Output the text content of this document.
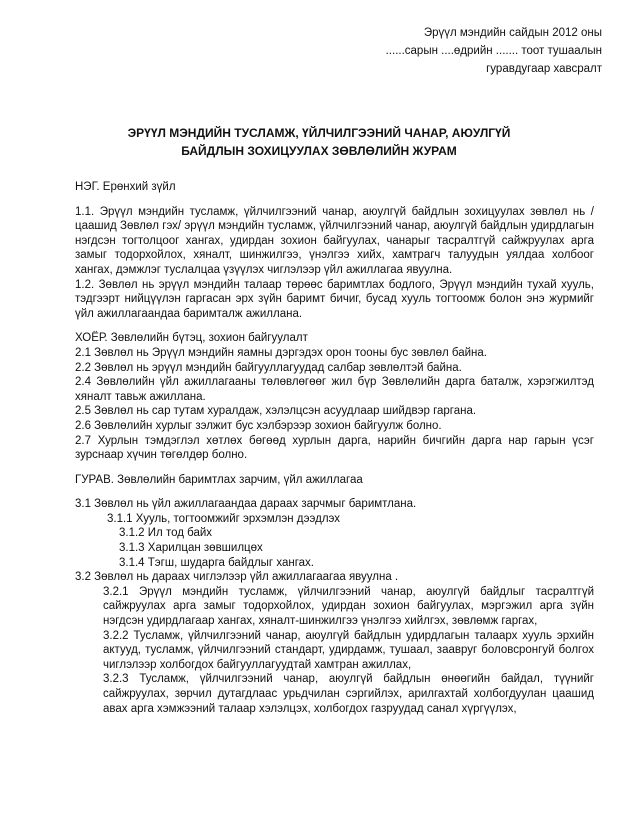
Эрүүл мэндийн сайдын 2012 оны
......сарын ....өдрийн ....... тоот тушаалын
гуравдугаар хавсралт
ЭРҮҮЛ МЭНДИЙН ТУСЛАМЖ, ҮЙЛЧИЛГЭЭНИЙ ЧАНАР, АЮУЛГҮЙ
БАЙДЛЫН ЗОХИЦУУЛАХ ЗӨВЛӨЛИЙН ЖУРАМ

НЭГ. Ерөнхий зүйл

1.1. Эрүүл мэндийн тусламж, үйлчилгээний чанар, аюулгүй байдлын зохицуулах зөвлөл нь /цаашид Зөвлөл гэх/ эрүүл мэндийн тусламж, үйлчилгээний чанар, аюулгүй байдлын удирдлагын нэгдсэн тогтолцоог хангах, удирдан зохион байгуулах, чанарыг тасралтгүй сайжруулах арга замыг тодорхойлох, хяналт, шинжилгээ, үнэлгээ хийх, хамтрагч талуудын уялдаа холбоог хангах, дэмжлэг туслалцаа үзүүлэх чиглэлээр үйл ажиллагаа явуулна.

1.2. Зөвлөл нь эрүүл мэндийн талаар төрөөс баримтлах бодлого, Эрүүл мэндийн тухай хууль, тэдгээрт нийцүүлэн гаргасан эрх зүйн баримт бичиг, бусад хууль тогтоомж болон энэ журмийг үйл ажиллагаандаа баримталж ажиллана.

ХОЁР. Зөвлөлийн бүтэц, зохион байгуулалт

2.1 Зөвлөл нь Эрүүл мэндийн яамны дэргэдэх орон тооны бус зөвлөл байна.

2.2 Зөвлөл нь эрүүл мэндийн байгууллагуудад салбар зөвлөлтэй байна.

2.4 Зөвлөлийн үйл ажиллагааны төлөвлөгөөг жил бүр Зөвлөлийн дарга баталж, хэрэгжилтэд хяналт тавьж ажиллана.

2.5 Зөвлөл нь сар тутам хуралдаж, хэлэлцсэн асуудлаар шийдвэр гаргана.

2.6 Зөвлөлийн хурлыг зэлжит бус хэлбэрээр зохион байгуулж болно.

2.7 Хурлын тэмдэглэл хөтлөх бөгөөд хурлын дарга, нарийн бичгийн дарга нар гарын үсэг зурснаар хүчин төгөлдөр болно.

ГУРАВ. Зөвлөлийн баримтлах зарчим, үйл ажиллагаа

3.1 Зөвлөл нь үйл ажиллагаандаа дараах зарчмыг баримтлана.

3.1.1 Хууль, тогтоомжийг эрхэмлэн дээдлэх

3.1.2 Ил тод байх

3.1.3 Харилцан зөвшилцөх

3.1.4 Тэгш, шударга байдлыг хангах.

3.2 Зөвлөл нь дараах чиглэлээр үйл ажиллагаагаа явуулна .

3.2.1 Эрүүл мэндийн тусламж, үйлчилгээний чанар, аюулгүй байдлыг тасралтгүй сайжруулах арга замыг тодорхойлох, удирдан зохион байгуулах, мэргэжил арга зүйн нэгдсэн удирдлагаар хангах, хяналт-шинжилгээ үнэлгээ хийлгэх, зөвлөмж гаргах,

3.2.2 Тусламж, үйлчилгээний чанар, аюулгүй байдлын удирдлагын талаарх хууль эрхийн актууд, тусламж, үйлчилгээний стандарт, удирдамж, тушаал, заавруг боловсронгуй болгох чиглэлээр холбогдох байгууллагуудтай хамтран ажиллах,

3.2.3 Тусламж, үйлчилгээний чанар, аюулгүй байдлын өнөөгийн байдал, түүнийг сайжруулах, зөрчил дутагдлаас урьдчилан сэргийлэх, арилгахтай холбогдуулан цаашид авах арга хэмжээний талаар хэлэлцэх, холбогдох газруудад санал хүргүүлэх,
